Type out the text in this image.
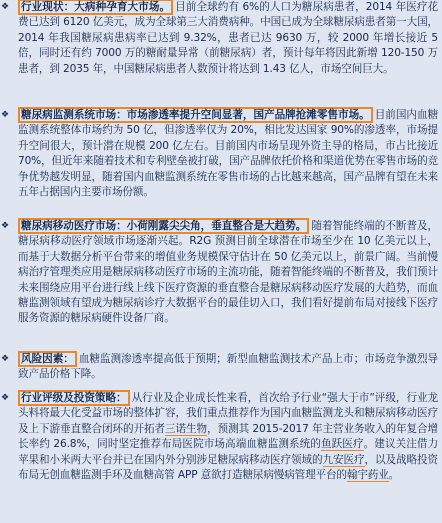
❖	行业现状：大病种孕育大市场。 目前全球约有 6%的人口为糖尿病患者，2014 年医疗花费已达到 6120 亿美元，成为全球第三大消费病种。中国已成为全球糖尿病患者第一大国，2014 年我国糖尿病患病率已达到 9.32%，患者已达 9630 万，较 2000 年增长接近 5 倍，同时还有约 7000 万的糖耐量异常（前糖尿病）者，预计每年将因此新增 120-150 万患者，到 2035 年，中国糖尿病患者人数预计将达到 1.43 亿人，市场空间巨大。
❖	糖尿病监测系统市场：市场渗透率提升空间显著，国产品牌抢滩零售市场。 目前国内血糖监测系统整体市场约为 50 亿，但渗透率仅为 20%，相比发达国家 90%的渗透率，市场提升空间很大，预计潜在规模 200 亿左右。目前国内市场呈现外资主导的格局，市占比接近 70%，但近年来随着技术和专利壁垒被打破，国产品牌依托价格和渠道优势在零售市场的竞争优势越发明显，随着国内血糖监测系统在零售市场的占比越来越高，国产品牌有望在未来五年占据国内主要市场份额。
❖	糖尿病移动医疗市场：小荷刚露尖尖角，垂直整合是大趋势。 随着智能终端的不断普及，糖尿病移动医疗领域市场逐渐兴起。R2G 预测目前全球潜在市场至少在 10 亿美元以上，而基于大数据分析平台带来的增值业务规模保守估计在 50 亿美元以上，前景广阔。当前慢病治疗管理类应用是糖尿病移动医疗市场的主流功能，随着智能终端的不断普及，我们预计未来围绕应用平台进行线上线下医疗资源的垂直整合是糖尿病移动医疗发展的大趋势，而血糖监测领域有望成为糖尿病诊疗大数据平台的最佳切入口，我们看好提前布局对接线下医疗服务资源的糖尿病硬件设备厂商。
❖	风险因素： 血糖监测渗透率提高低于预期；新型血糖监测技术产品上市；市场竞争激烈导致产品价格下降。
❖	行业评级及投资策略： 从行业及企业成长性来看，首次给予行业“强大于市”评级，行业龙头料将最大化受益市场的整体扩容，我们重点推荐作为国内血糖监测龙头和糖尿病移动医疗及上下游垂直整合闭环的开拓者三诺生物，预测其 2015-2017 年主营业务收入的年复合增长率约 26.8%，同时坚定推荐布局医院市场高端血糖监测系统的鱼跃医疗。建议关注借力苹果和小米两大平台并已在国内外分别涉足糖尿病移动医疗领域的九安医疗，以及战略投资布局无创血糖监测手环及血糖高管 APP 意欲打造糖尿病慢病管理平台的翰宇药业。
